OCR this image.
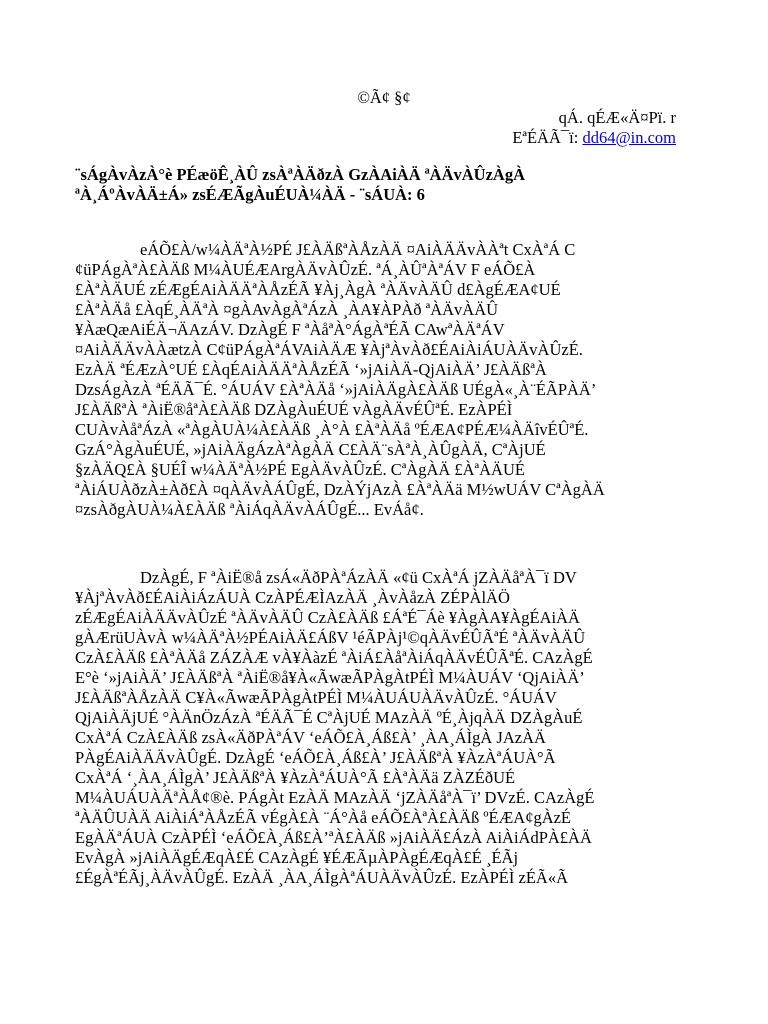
©Ã¢ §¢
qÁ. qÉÆ«Ä¤Pï. r
EªÉÄÃ¯ï: dd64@in.com
¨sÁgÀvÀzÀ°è PÉæöÊ¸ÀÛ zsÀªÀÄðzÀ GzÀAiÀÄ ªÀÄvÀÛzÀgÀ
ªÀ¸ÁºÀvÀÄ±Á» zsÉÆÃgÀuÉUÀ¼ÀÄ - ¨sÁUÀ: 6
eÁÕ£À/w¼ÀÄªÀ½PÉ J£ÀÄßªÀÅzÀÄ ¤AiÀÄÄvÀÀªt CxÀªÁ C
¢üPÁgÀªÀ£ÀÄß M¼ÀUÉÆArgÀÄvÀÛzÉ. ªÁ¸ÀÛªÀªÁV F eÁÕ£À
£ÀªÀÄUÉ zÉÆgÉAiÀÄÄªÀÅzÉÃ ¥Àj¸ÀgÀ ªÀÄvÀÄÛ d£ÀgÉÆA¢UÉ
£ÀªÀÄå £ÀqÉ¸ÀÄªÀ ¤gÀAvÀgÀªÁzÀ ¸ÀA¥ÀPÀð ªÀÄvÀÄÛ
¥ÀæQæAiÉÄ¬ÄAzÁV. DzÀgÉ F ªÀåªÀ°ÁgÀªÉÃ CAwªÀÄªÁV
¤AiÀÄÄvÀÀætzÀ C¢üPÁgÀªÁVAiÀÄÆ ¥ÀjªÀvÀð£ÉAiÀiÁUÀÄvÀÛzÉ.
EzÀÄ ªÉÆzÀ°UÉ £ÀqÉAiÀÄÄªÀÅzÉÃ ‘»jAiÀÄ-QjAiÀÄ’ J£ÀÄßªÀ
DzsÁgÀzÀ ªÉÄÃ¯É. °ÁUÁV £ÀªÀÄå ‘»jAiÀÄgÀ£ÀÄß UÉgÀ«¸À¨ÉÃPÀÄ’
J£ÀÄßªÀ ªÀiË®åªÀ£ÀÄß DZÀgÀuÉUÉ vÀgÀÄvÉÛªÉ. EzÀPÉÌ
CUÀvÀåªÁzÀ «ªÀgÀUÀ¼À£ÀÄß ¸À°À £ÀªÀÄå ºÉÆA¢PÉÆ¼ÀÄîvÉÛªÉ.
GzÁ°ÀgÀuÉUÉ, »jAiÀÄgÁzÀªÀgÀÄ C£ÀÄ¨sÀªÀ¸ÀÛgÀÄ, CªÀjUÉ
§zÀÄQ£À §UÉÎ w¼ÀÄªÀ½PÉ EgÀÄvÀÛzÉ. CªÀgÀÄ £ÀªÀÄUÉ
ªÀiÁUÀðzÀ±Àð£À ¤qÀÄvÀÁÛgÉ, DzÀÝjAzÀ £ÀªÀÄä M½wUÁV CªÀgÀÄ
¤zsÀðgÀUÀ¼À£ÀÄß ªÀiÁqÀÄvÀÁÛgÉ... EvÁå¢.
DzÀgÉ, F ªÀiË®å zsÁ«ÄðPÀªÁzÀÄ «¢ü CxÀªÁ jZÀÄåªÀ¯ï DV
¥ÀjªÀvÀð£ÉAiÀiÁzÁUÀ CzÀPÉÆÌAzÀÄ ¸ÀvÀåzÀ ZÉPÀlÄÖ
zÉÆgÉAiÀÄÄvÀÛzÉ ªÀÄvÀÄÛ CzÀ£ÀÄß £ÁªÉ¯Áè ¥ÀgÀA¥ÀgÉAiÀÄ
gÀÆrüUÀvÀ w¼ÀÄªÀ½PÉAiÀÄ£ÁßV ¹éÃPÀj¹©qÀÄvÉÛÃªÉ ªÀÄvÀÄÛ
CzÀ£ÀÄß £ÀªÀÄå ZÁZÀÆ vÀ¥ÀàzÉ ªÀiÁ£ÀåªÀiÁqÀÄvÉÛÃªÉ. CAzÀgÉ
E°è ‘»jAiÀÄ’ J£ÀÄßªÀ ªÀiË®å¥À«ÃwæÃPÀgÀtPÉÌ M¼ÀUÁV ‘QjAiÀÄ’
J£ÀÄßªÀÅzÀÄ C¥À«ÃwæÃPÀgÀtPÉÌ M¼ÀUÁUÀÄvÀÛzÉ. °ÁUÁV
QjAiÀÄjUÉ °ÀÄnÖzÁzÀ ªÉÄÃ¯É CªÀjUÉ MAzÀÄ ºÉ¸ÀjqÀÄ DZÀgÀuÉ
CxÀªÁ CzÀ£ÀÄß zsÀ«ÄðPÀªÁV ‘eÁÕ£À¸Áß£À’ ¸ÀA¸ÁÌgÀ JAzÀÄ
PÀgÉAiÀÄÄvÀÛgÉ. DzÀgÉ ‘eÁÕ£À¸Áß£À’ J£ÀÄßªÀ ¥ÀzÀªÁUÀ°Ã
CxÀªÁ ‘¸ÀA¸ÁÌgÀ’ J£ÀÄßªÀ ¥ÀzÀªÁUÀ°Ã £ÀªÀÄä ZÀZÉðUÉ
M¼ÀUÁUÀÄªÀÅ¢®è. PÁgÀt EzÀÄ MAzÀÄ ‘jZÀÄåªÀ¯ï’ DVzÉ. CAzÀgÉ
ªÀÄÛUÀÄ AiÀiÁªÀÅzÉÃ vÉgÀ£À ¨Á°Àå eÁÕ£ÀªÀ£ÀÄß ºÉÆA¢gÀzÉ
EgÀÄªÁUÀ CzÀPÉÌ ‘eÁÕ£À¸Áß£À’ªÀ£ÀÄß »jAiÀÄ£ÁzÀ AiÀiÁdPÀ£ÀÄ
EvÀgÀ »jAiÀÄgÉÆqÀ£É CAzÀgÉ ¥ÉÆÃµÀPÀgÉÆqÀ£É ¸ÉÃj
£ÉgÀªÉÃj¸ÀÄvÀÛgÉ. EzÀÄ ¸ÀA¸ÁÌgÀªÁUÀÄvÀÛzÉ. EzÀPÉÌ zÉÃ«Ã
